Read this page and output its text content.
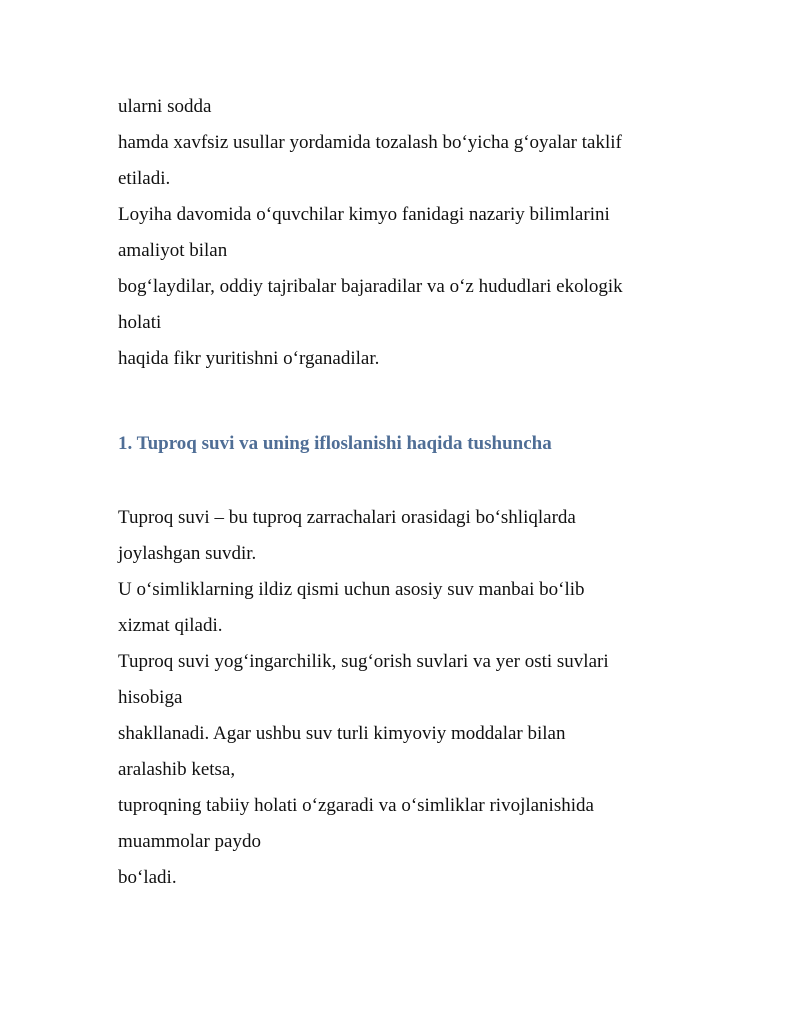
ularni sodda
hamda xavfsiz usullar yordamida tozalash bo‘yicha g‘oyalar taklif
etiladi.
Loyiha davomida o‘quvchilar kimyo fanidagi nazariy bilimlarini
amaliyot bilan
bog‘laydilar, oddiy tajribalar bajaradilar va o‘z hududlari ekologik
holati
haqida fikr yuritishni o‘rganadilar.
1. Tuproq suvi va uning ifloslanishi haqida tushuncha
Tuproq suvi – bu tuproq zarrachalari orasidagi bo‘shliqlarda
joylashgan suvdir.
U o‘simliklarning ildiz qismi uchun asosiy suv manbai bo‘lib
xizmat qiladi.
Tuproq suvi yog‘ingarchilik, sug‘orish suvlari va yer osti suvlari
hisobiga
shakllanadi. Agar ushbu suv turli kimyoviy moddalar bilan
aralashib ketsa,
tuproqning tabiiy holati o‘zgaradi va o‘simliklar rivojlanishida
muammolar paydo
bo‘ladi.
